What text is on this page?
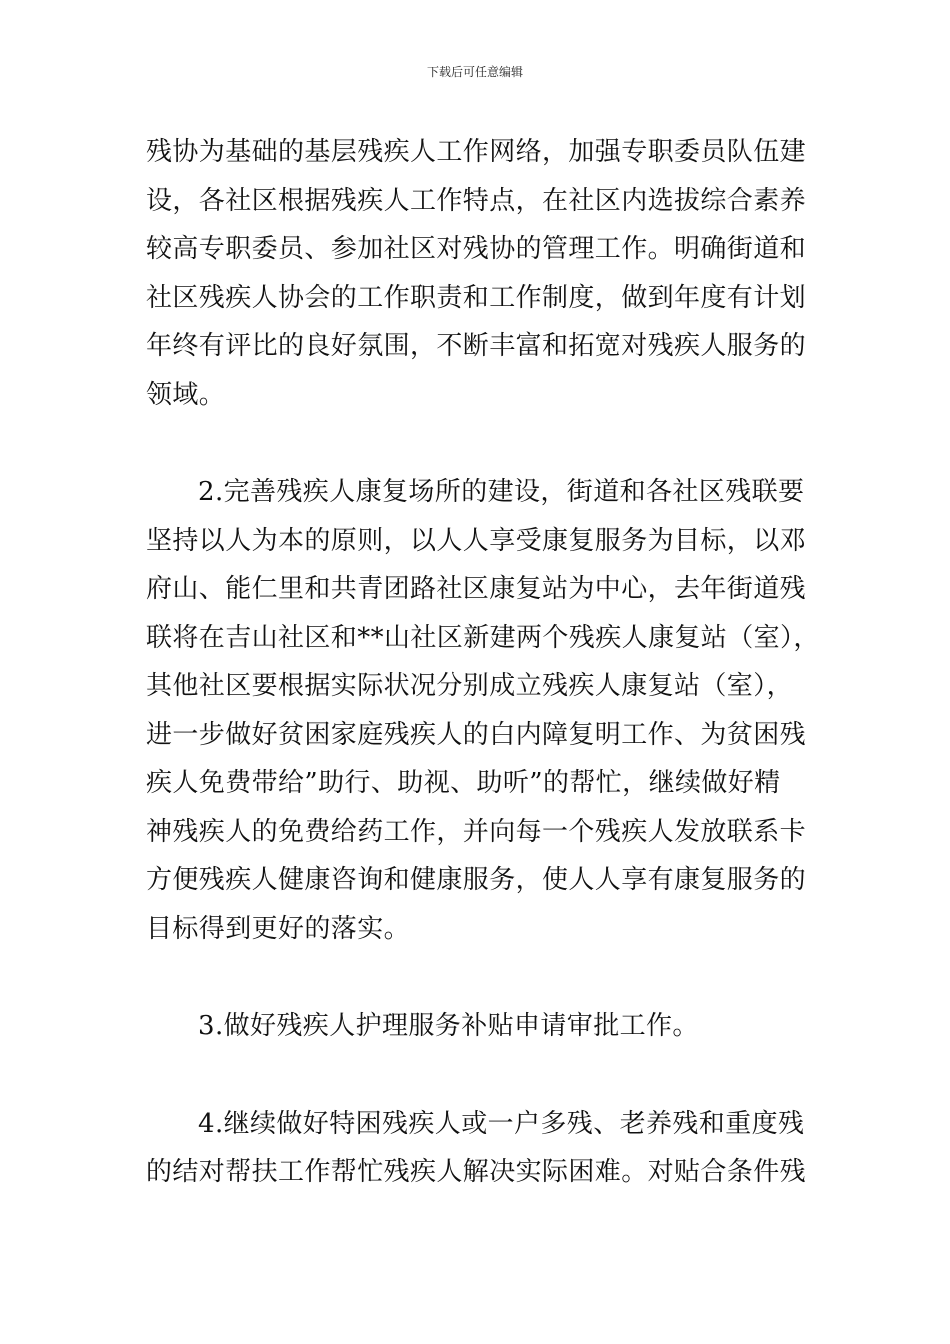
下载后可任意编辑
残协为基础的基层残疾人工作网络，加强专职委员队伍建
设，各社区根据残疾人工作特点，在社区内选拔综合素养
较高专职委员、参加社区对残协的管理工作。明确街道和
社区残疾人协会的工作职责和工作制度，做到年度有计划
年终有评比的良好氛围，不断丰富和拓宽对残疾人服务的
领域。
2.完善残疾人康复场所的建设，街道和各社区残联要
坚持以人为本的原则，以人人享受康复服务为目标，以邓
府山、能仁里和共青团路社区康复站为中心，去年街道残
联将在吉山社区和**山社区新建两个残疾人康复站（室），
其他社区要根据实际状况分别成立残疾人康复站（室），
进一步做好贫困家庭残疾人的白内障复明工作、为贫困残
疾人免费带给”助行、助视、助听”的帮忙，继续做好精
神残疾人的免费给药工作，并向每一个残疾人发放联系卡
方便残疾人健康咨询和健康服务，使人人享有康复服务的
目标得到更好的落实。
3.做好残疾人护理服务补贴申请审批工作。
4.继续做好特困残疾人或一户多残、老养残和重度残
的结对帮扶工作帮忙残疾人解决实际困难。对贴合条件残
